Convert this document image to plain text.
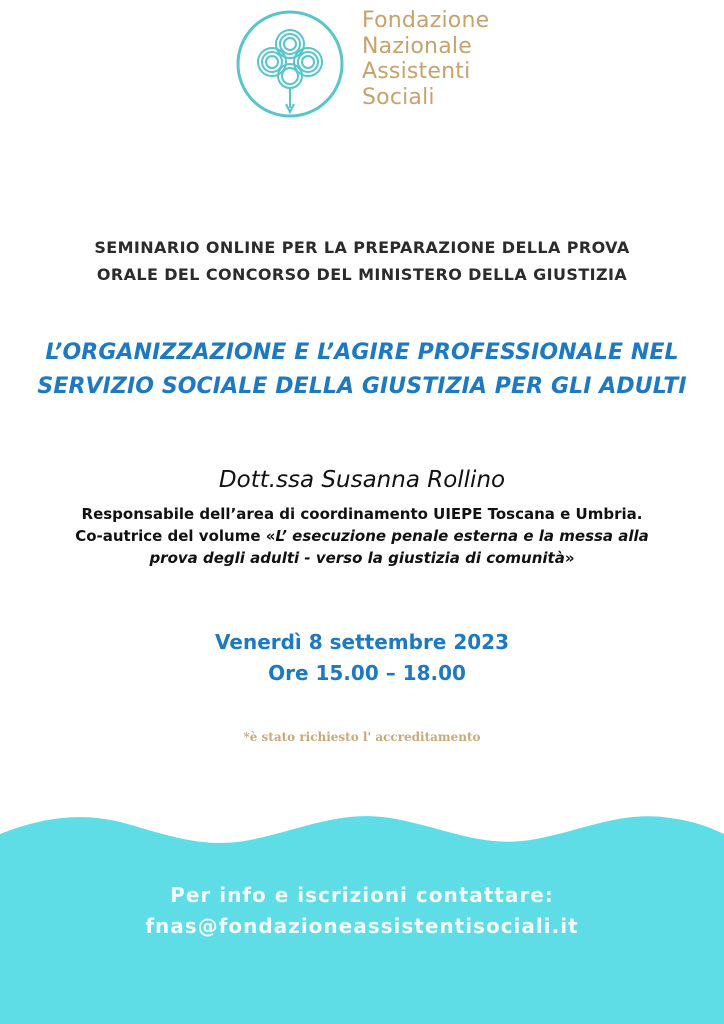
Fondazione
Nazionale
Assistenti
Sociali
SEMINARIO ONLINE PER LA PREPARAZIONE DELLA PROVA
ORALE DEL CONCORSO DEL MINISTERO DELLA GIUSTIZIA
L’ORGANIZZAZIONE E L’AGIRE PROFESSIONALE NEL
SERVIZIO SOCIALE DELLA GIUSTIZIA PER GLI ADULTI
Dott.ssa Susanna Rollino
Responsabile dell’area di coordinamento UIEPE Toscana e Umbria.
Co-autrice del volume «L’ esecuzione penale esterna e la messa alla
prova degli adulti - verso la giustizia di comunità»
Venerdì 8 settembre 2023
Ore 15.00 – 18.00
*è stato richiesto l' accreditamento
Per info e iscrizioni contattare:
fnas@fondazioneassistentisociali.it
